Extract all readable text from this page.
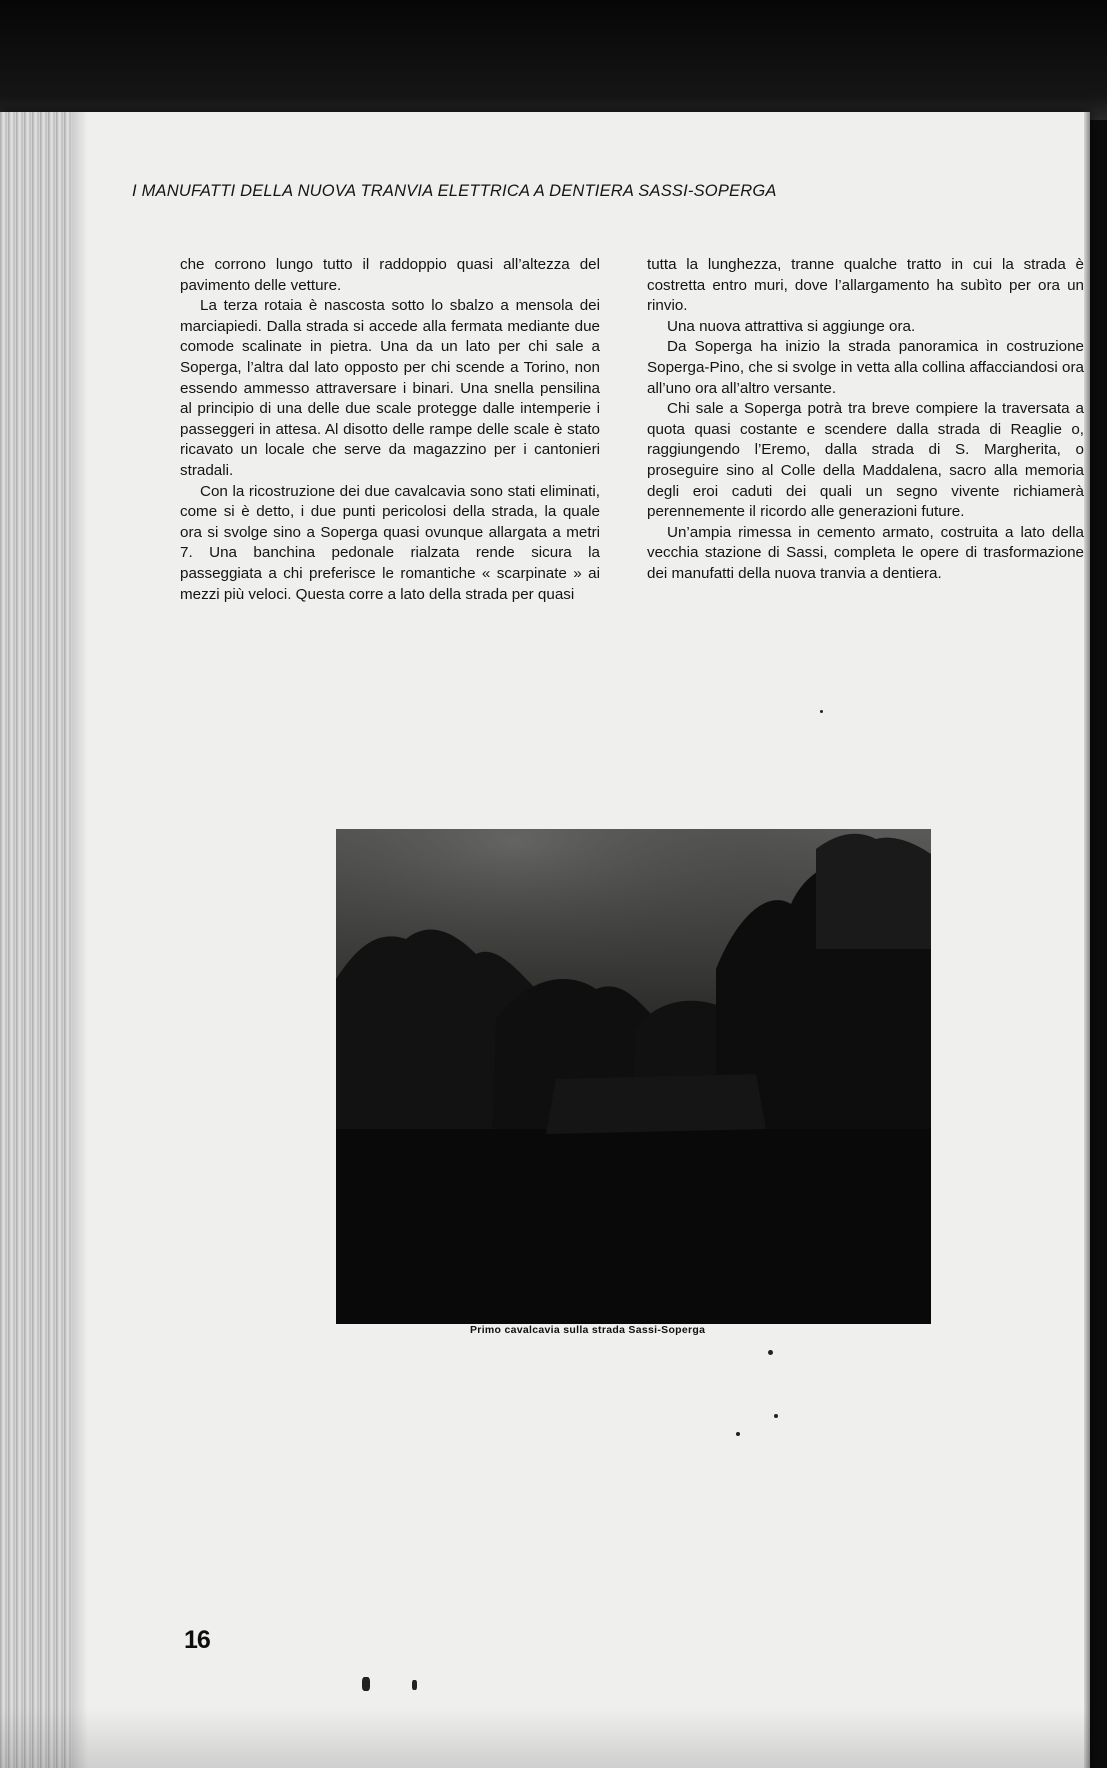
I MANUFATTI DELLA NUOVA TRANVIA ELETTRICA A DENTIERA SASSI-SOPERGA

che corrono lungo tutto il raddoppio quasi all’altezza del pavimento delle vetture.

La terza rotaia è nascosta sotto lo sbalzo a mensola dei marciapiedi. Dalla strada si accede alla fermata mediante due comode scalinate in pietra. Una da un lato per chi sale a Soperga, l’altra dal lato opposto per chi scende a Torino, non essendo ammesso attraversare i binari. Una snella pensilina al principio di una delle due scale protegge dalle intemperie i passeggeri in attesa. Al disotto delle rampe delle scale è stato ricavato un locale che serve da magazzino per i cantonieri stradali.

Con la ricostruzione dei due cavalcavia sono stati eliminati, come si è detto, i due punti pericolosi della strada, la quale ora si svolge sino a Soperga quasi ovunque allargata a metri 7. Una banchina pedonale rialzata rende sicura la passeggiata a chi preferisce le romantiche « scarpinate » ai mezzi più veloci. Questa corre a lato della strada per quasi

tutta la lunghezza, tranne qualche tratto in cui la strada è costretta entro muri, dove l’allargamento ha subìto per ora un rinvio.

Una nuova attrattiva si aggiunge ora.

Da Soperga ha inizio la strada panoramica in costruzione Soperga-Pino, che si svolge in vetta alla collina affacciandosi ora all’uno ora all’altro versante.

Chi sale a Soperga potrà tra breve compiere la traversata a quota quasi costante e scendere dalla strada di Reaglie o, raggiungendo l’Eremo, dalla strada di S. Margherita, o proseguire sino al Colle della Maddalena, sacro alla memoria degli eroi caduti dei quali un segno vivente richiamerà perennemente il ricordo alle generazioni future.

Un’ampia rimessa in cemento armato, costruita a lato della vecchia stazione di Sassi, completa le opere di trasformazione dei manufatti della nuova tranvia a dentiera.

Primo cavalcavia sulla strada Sassi-Soperga
16
